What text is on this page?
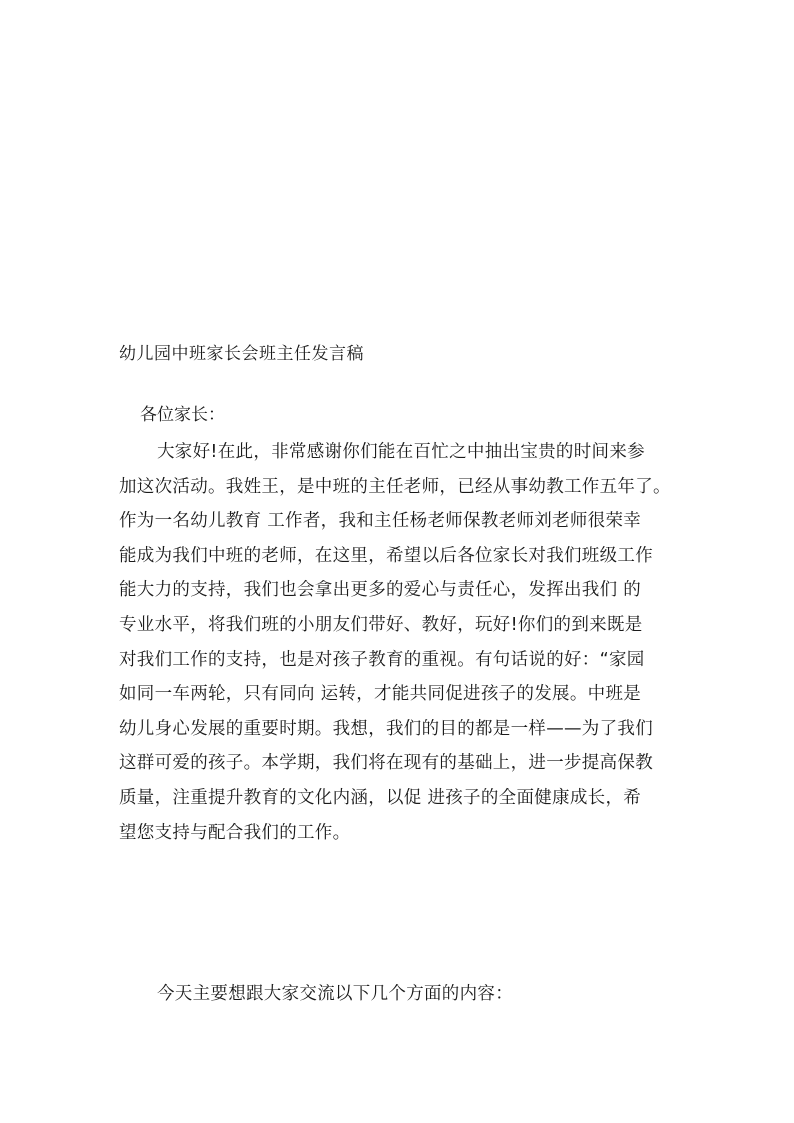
幼儿园中班家长会班主任发言稿
各位家长：
大家好!在此，非常感谢你们能在百忙之中抽出宝贵的时间来参
加这次活动。我姓王，是中班的主任老师，已经从事幼教工作五年了。
作为一名幼儿教育 工作者，我和主任杨老师保教老师刘老师很荣幸
能成为我们中班的老师，在这里，希望以后各位家长对我们班级工作
能大力的支持，我们也会拿出更多的爱心与责任心，发挥出我们 的
专业水平，将我们班的小朋友们带好、教好，玩好!你们的到来既是
对我们工作的支持，也是对孩子教育的重视。有句话说的好：“家园
如同一车两轮，只有同向 运转，才能共同促进孩子的发展。中班是
幼儿身心发展的重要时期。我想，我们的目的都是一样——为了我们
这群可爱的孩子。本学期，我们将在现有的基础上，进一步提高保教
质量，注重提升教育的文化内涵，以促 进孩子的全面健康成长，希
望您支持与配合我们的工作。
今天主要想跟大家交流以下几个方面的内容：
